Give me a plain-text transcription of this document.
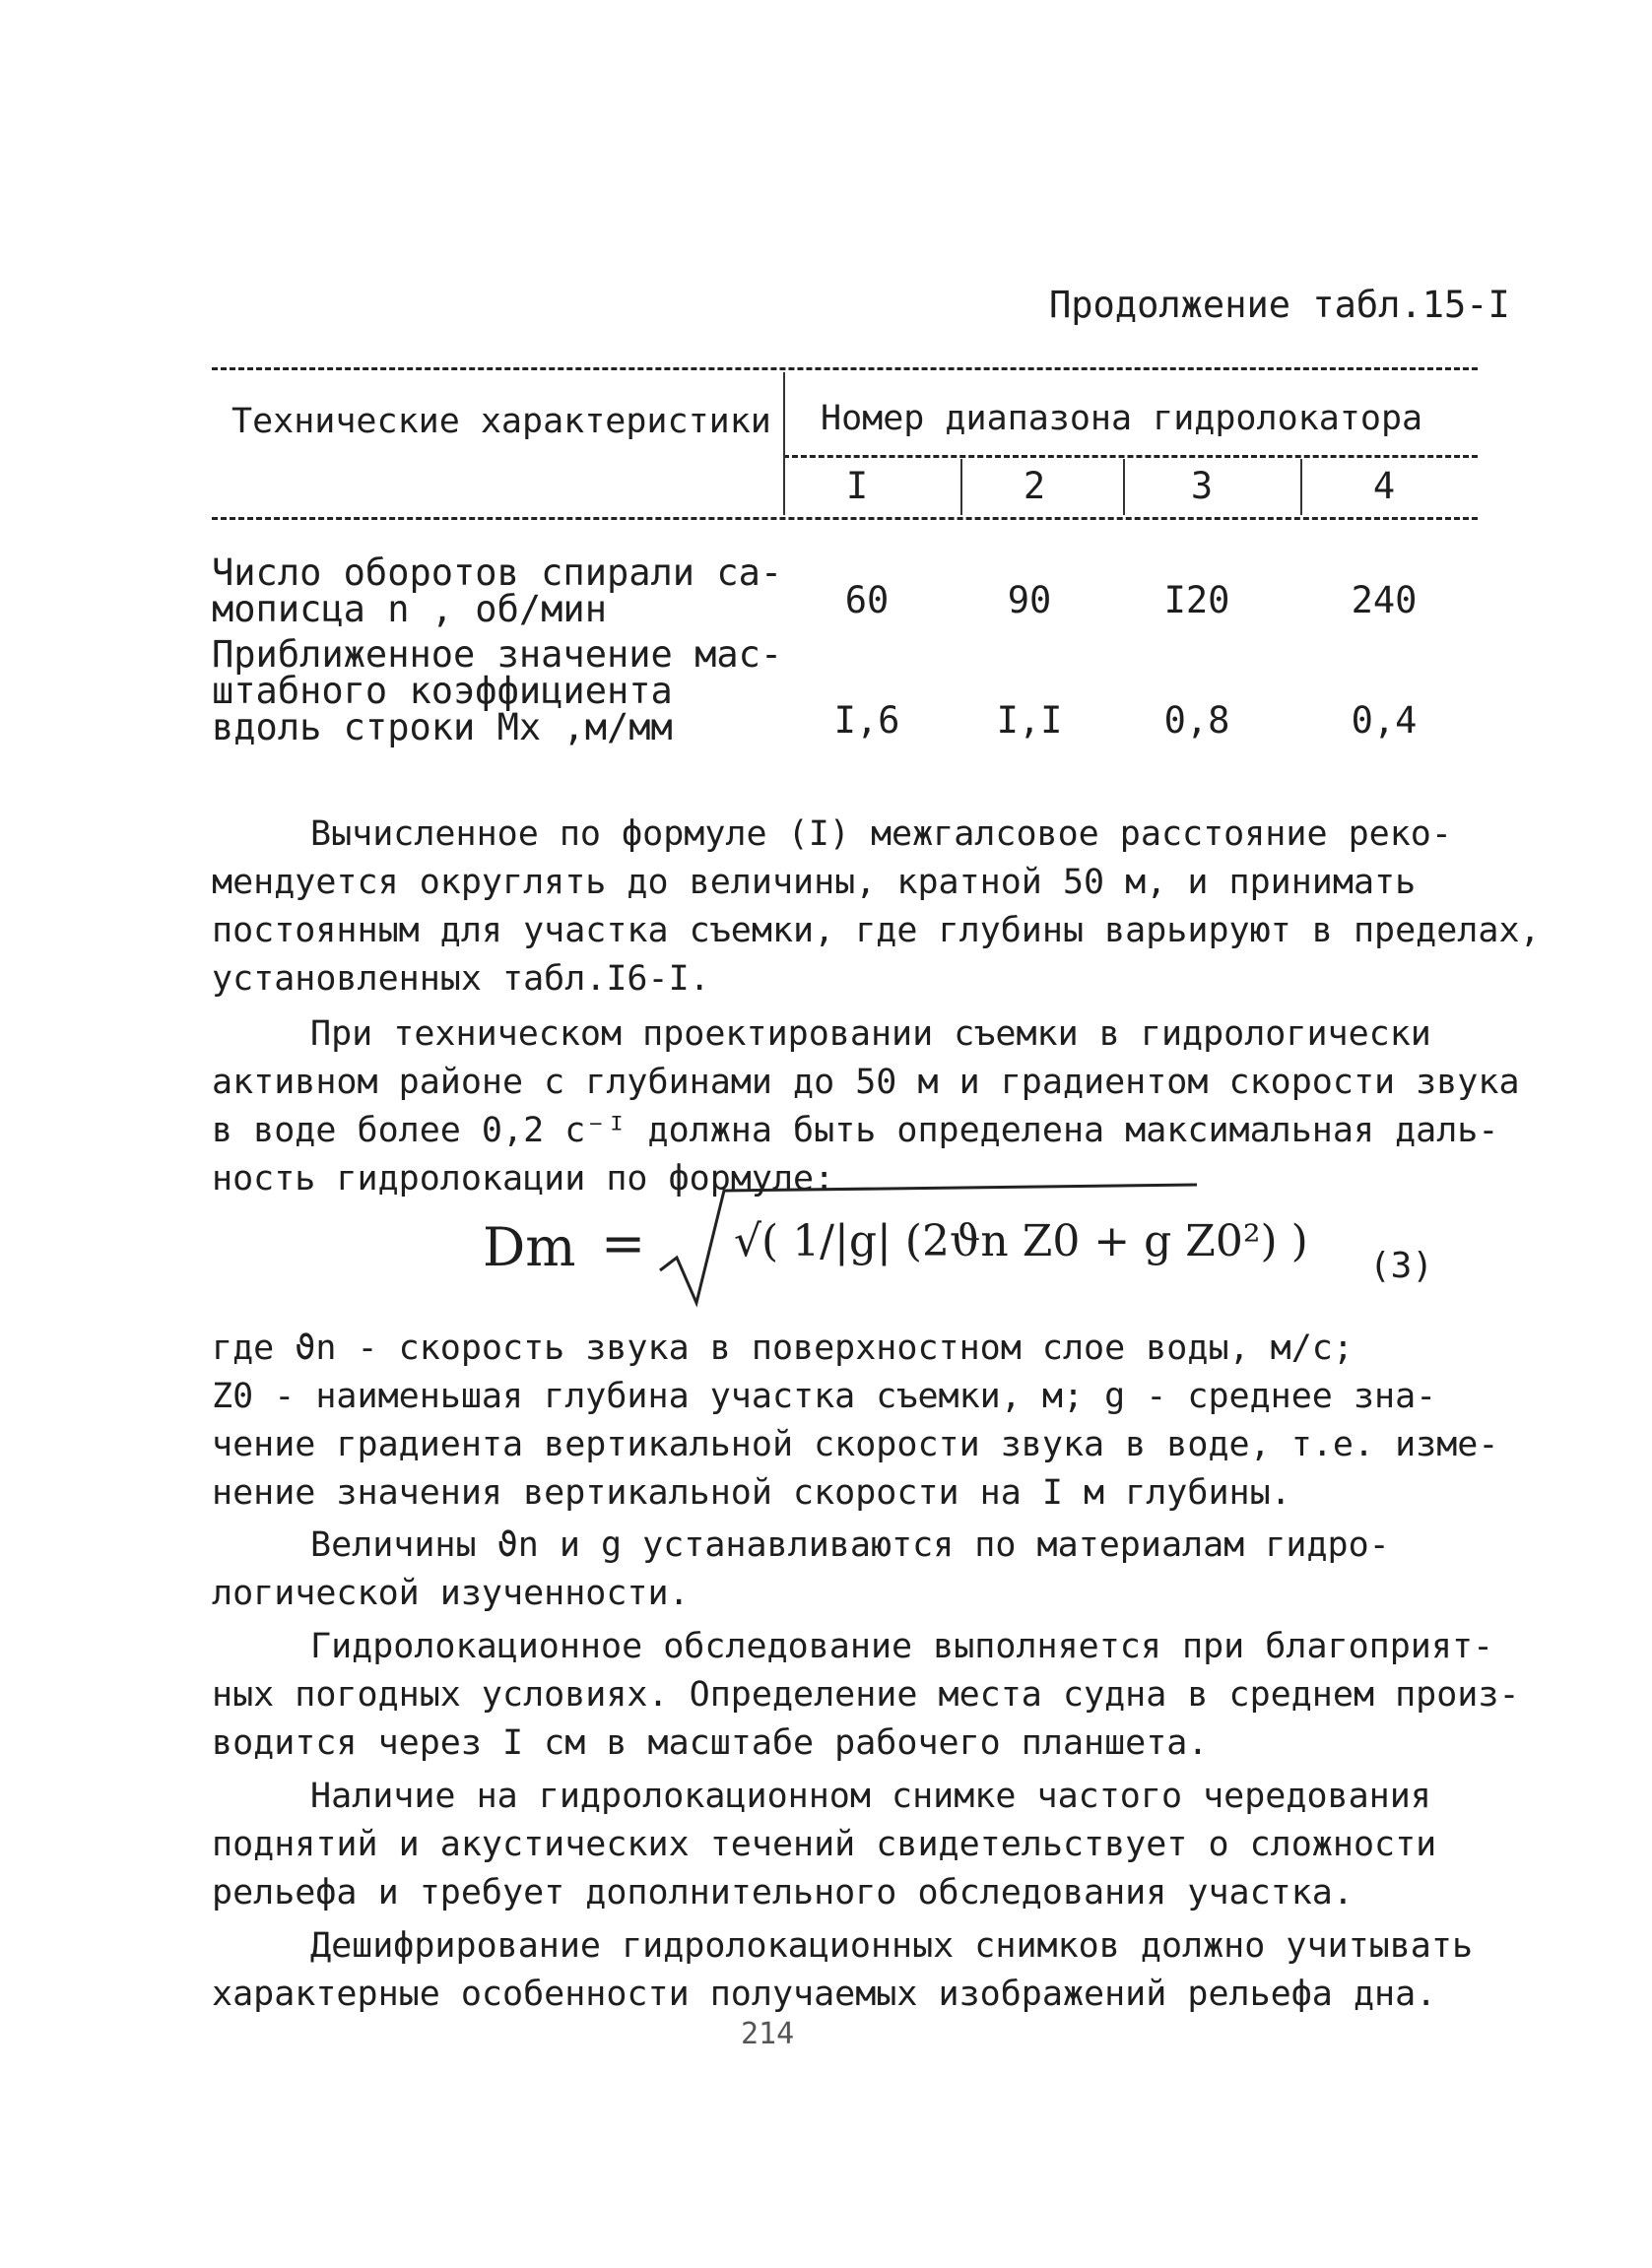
Продолжение табл.15-I
Технические характеристики Номер диапазона гидролокатора
I	2	3	4
Число оборотов спирали са-
мописца n , об/мин	60	90	I20	240
Приближенное значение мас-
штабного коэффициента
вдоль строки Mx ,м/мм	I,6	I,I	0,8	0,4
Вычисленное по формуле (I) межгалсовое расстояние реко-
мендуется округлять до величины, кратной 50 м, и принимать
постоянным для участка съемки, где глубины варьируют в пределах,
установленных табл.I6-I.
При техническом проектировании съемки в гидрологически
активном районе с глубинами до 50 м и градиентом скорости звука
в воде более 0,2 с⁻ᴵ должна быть определена максимальная даль-
ность гидролокации по формуле:
Dm = √( 1/|g| (2ϑn Z0 + g Z0²) ) (3)
где ϑn - скорость звука в поверхностном слое воды, м/с;
Z0 - наименьшая глубина участка съемки, м; g - среднее зна-
чение градиента вертикальной скорости звука в воде, т.е. изме-
нение значения вертикальной скорости на I м глубины.
Величины ϑn и g устанавливаются по материалам гидро-
логической изученности.
Гидролокационное обследование выполняется при благоприят-
ных погодных условиях. Определение места судна в среднем произ-
водится через I см в масштабе рабочего планшета.
Наличие на гидролокационном снимке частого чередования
поднятий и акустических течений свидетельствует о сложности
рельефа и требует дополнительного обследования участка.
Дешифрирование гидролокационных снимков должно учитывать
характерные особенности получаемых изображений рельефа дна.
214
